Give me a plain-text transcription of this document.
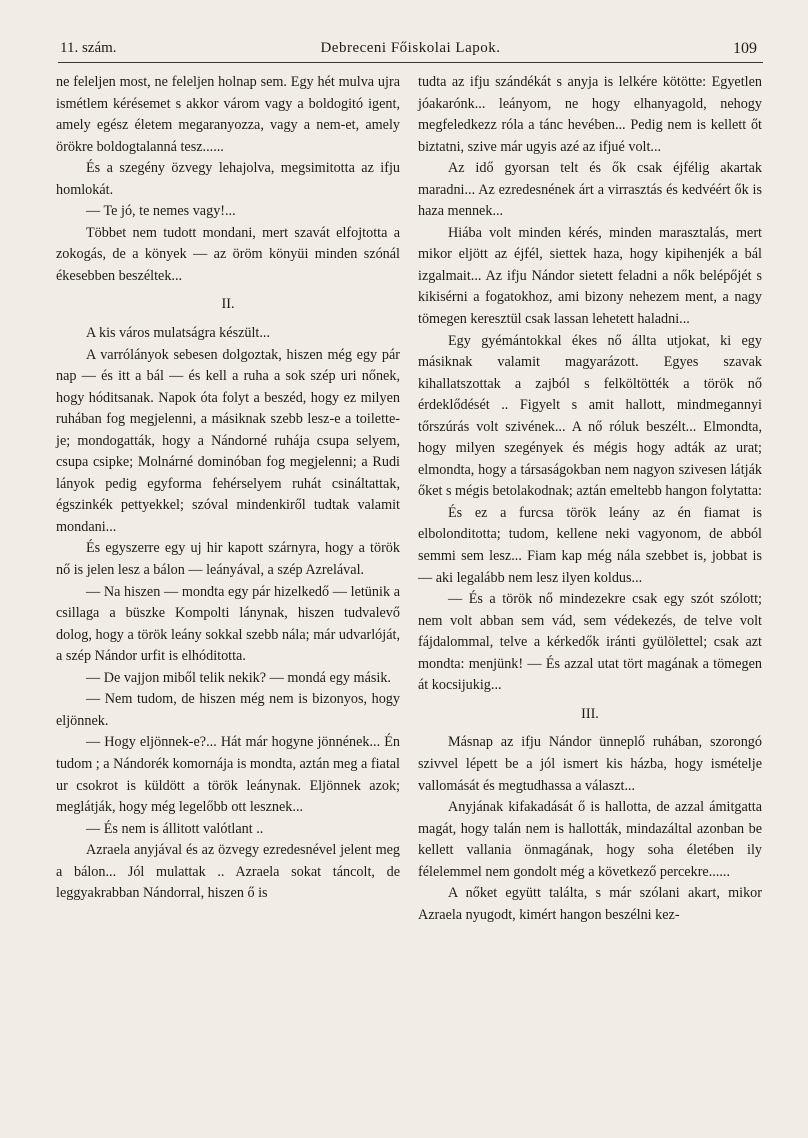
11. szám.	Debreceni Főiskolai Lapok.	109

ne feleljen most, ne feleljen holnap sem. Egy hét mulva ujra ismétlem kérésemet s akkor várom vagy a boldogitó igent, amely egész életem megaranyozza, vagy a nem-et, amely örökre boldogtalanná tesz......

És a szegény özvegy lehajolva, megsimitotta az ifju homlokát.

— Te jó, te nemes vagy!...

Többet nem tudott mondani, mert szavát elfojtotta a zokogás, de a könyek — az öröm könyüi minden szónál ékesebben beszéltek...

II.

A kis város mulatságra készült...

A varrólányok sebesen dolgoztak, hiszen még egy pár nap — és itt a bál — és kell a ruha a sok szép uri nőnek, hogy hóditsanak. Napok óta folyt a beszéd, hogy ez milyen ruhában fog megjelenni, a másiknak szebb lesz-e a toilette-je; mondogatták, hogy a Nándorné ruhája csupa selyem, csupa csipke; Molnárné dominóban fog megjelenni; a Rudi lányok pedig egyforma fehérselyem ruhát csináltattak, égszinkék pettyekkel; szóval mindenkiről tudtak valamit mondani...

És egyszerre egy uj hir kapott szárnyra, hogy a török nő is jelen lesz a bálon — leányával, a szép Azrelával.

— Na hiszen — mondta egy pár hizelkedő — letünik a csillaga a büszke Kompolti lánynak, hiszen tudvalevő dolog, hogy a török leány sokkal szebb nála; már udvarlóját, a szép Nándor urfit is elhóditotta.

— De vajjon miből telik nekik? — mondá egy másik.

— Nem tudom, de hiszen még nem is bizonyos, hogy eljönnek.

— Hogy eljönnek-e?... Hát már hogyne jönnének... Én tudom ; a Nándorék komornája is mondta, aztán meg a fiatal ur csokrot is küldött a török leánynak. Eljönnek azok; meglátják, hogy még legelőbb ott lesznek...

— És nem is állitott valótlant ..

Azraela anyjával és az özvegy ezredesnével jelent meg a bálon... Jól mulattak .. Azraela sokat táncolt, de leggyakrabban Nándorral, hiszen ő is

tudta az ifju szándékát s anyja is lelkére kötötte: Egyetlen jóakarónk... leányom, ne hogy elhanyagold, nehogy megfeledkezz róla a tánc hevében... Pedig nem is kellett őt biztatni, szive már ugyis azé az ifjué volt...

Az idő gyorsan telt és ők csak éjfélig akartak maradni... Az ezredesnének árt a virrasztás és kedvéért ők is haza mennek...

Hiába volt minden kérés, minden marasztalás, mert mikor eljött az éjfél, siettek haza, hogy kipihenjék a bál izgalmait... Az ifju Nándor sietett feladni a nők belépőjét s kikisérni a fogatokhoz, ami bizony nehezem ment, a nagy tömegen keresztül csak lassan lehetett haladni...

Egy gyémántokkal ékes nő állta utjokat, ki egy másiknak valamit magyarázott. Egyes szavak kihallatszottak a zajból s felköltötték a török nő érdeklődését .. Figyelt s amit hallott, mindmegannyi tőrszúrás volt szivének... A nő róluk beszélt... Elmondta, hogy milyen szegények és mégis hogy adták az urat; elmondta, hogy a társaságokban nem nagyon szivesen látják őket s mégis betolakodnak; aztán emeltebb hangon folytatta:

És ez a furcsa török leány az én fiamat is elbolonditotta; tudom, kellene neki vagyonom, de abból semmi sem lesz... Fiam kap még nála szebbet is, jobbat is — aki legalább nem lesz ilyen koldus...

— És a török nő mindezekre csak egy szót szólott; nem volt abban sem vád, sem védekezés, de telve volt fájdalommal, telve a kérkedők iránti gyülölettel; csak azt mondta: menjünk! — És azzal utat tört magának a tömegen át kocsijukig...

III.

Másnap az ifju Nándor ünneplő ruhában, szorongó szivvel lépett be a jól ismert kis házba, hogy ismételje vallomását és megtudhassa a választ...

Anyjának kifakadását ő is hallotta, de azzal ámitgatta magát, hogy talán nem is hallották, mindazáltal azonban be kellett vallania önmagának, hogy soha életében ily félelemmel nem gondolt még a következő percekre......

A nőket együtt találta, s már szólani akart, mikor Azraela nyugodt, kimért hangon beszélni kez-
